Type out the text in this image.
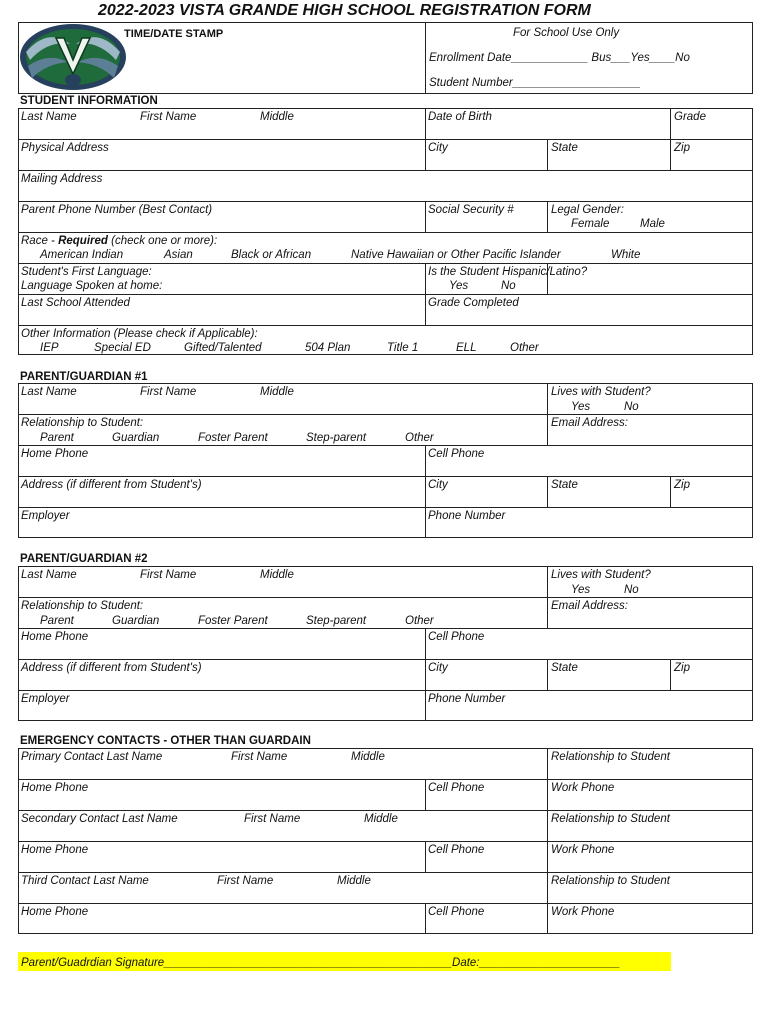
2022-2023 VISTA GRANDE HIGH SCHOOL REGISTRATION FORM
TIME/DATE STAMP	For School Use Only
Enrollment Date____________ Bus___Yes____No
Student Number____________________
STUDENT INFORMATION
Last Name	First Name	Middle	Date of Birth	Grade
Physical Address	City	State	Zip
Mailing Address
Parent Phone Number (Best Contact)	Social Security #	Legal Gender:
Female	Male
Race - Required (check one or more):
American Indian	Asian	Black or African	Native Hawaiian or Other Pacific Islander	White
Student's First Language:
Language Spoken at home:
Is the Student Hispanic/Latino?
Yes	No
Last School Attended	Grade Completed
Other Information (Please check if Applicable):
IEP	Special ED	Gifted/Talented	504 Plan	Title 1	ELL	Other
PARENT/GUARDIAN #1
Last Name	First Name	Middle	Lives with Student?
Yes	No
Relationship to Student:
Parent	Guardian	Foster Parent	Step-parent	Other
Email Address:
Home Phone	Cell Phone
Address (if different from Student's)	City	State	Zip
Employer	Phone Number
PARENT/GUARDIAN #2
Last Name	First Name	Middle	Lives with Student?
Yes	No
Relationship to Student:
Parent	Guardian	Foster Parent	Step-parent	Other
Email Address:
Home Phone	Cell Phone
Address (if different from Student's)	City	State	Zip
Employer	Phone Number
EMERGENCY CONTACTS - OTHER THAN GUARDAIN
Primary Contact Last Name	First Name	Middle	Relationship to Student
Home Phone	Cell Phone	Work Phone
Secondary Contact Last Name	First Name	Middle	Relationship to Student
Home Phone	Cell Phone	Work Phone
Third Contact Last Name	First Name	Middle	Relationship to Student
Home Phone	Cell Phone	Work Phone
Parent/Guadrdian Signature_____________________________________________Date:______________________
